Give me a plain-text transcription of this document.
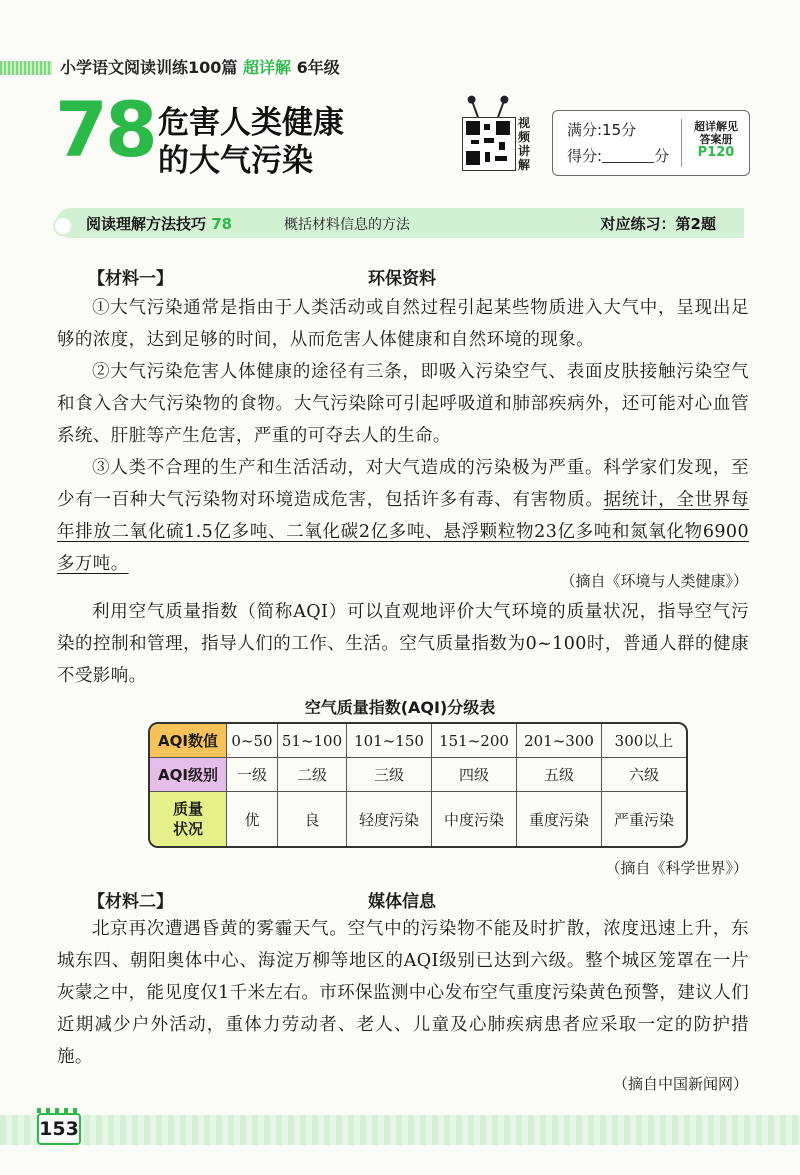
小学语文阅读训练100篇 超详解 6年级
78 危害人类健康
的大气污染
视频讲解
满分:15分
得分:	分
超详解见
答案册
P120
阅读理解方法技巧 78	概括材料信息的方法	对应练习：第2题
【材料一】	环保资料
①大气污染通常是指由于人类活动或自然过程引起某些物质进入大气中，呈现出足够的浓度，达到足够的时间，从而危害人体健康和自然环境的现象。
②大气污染危害人体健康的途径有三条，即吸入污染空气、表面皮肤接触污染空气和食入含大气污染物的食物。大气污染除可引起呼吸道和肺部疾病外，还可能对心血管系统、肝脏等产生危害，严重的可夺去人的生命。
③人类不合理的生产和生活活动，对大气造成的污染极为严重。科学家们发现，至少有一百种大气污染物对环境造成危害，包括许多有毒、有害物质。据统计，全世界每年排放二氧化硫1.5亿多吨、二氧化碳2亿多吨、悬浮颗粒物23亿多吨和氮氧化物6900多万吨。
（摘自《环境与人类健康》）
利用空气质量指数（简称AQI）可以直观地评价大气环境的质量状况，指导空气污染的控制和管理，指导人们的工作、生活。空气质量指数为0~100时，普通人群的健康不受影响。
空气质量指数(AQI)分级表
AQI数值	0~50	51~100	101~150	151~200	201~300	300以上
AQI级别	一级	二级	三级	四级	五级	六级
质量
状况	优	良	轻度污染	中度污染	重度污染	严重污染
（摘自《科学世界》）
【材料二】	媒体信息
北京再次遭遇昏黄的雾霾天气。空气中的污染物不能及时扩散，浓度迅速上升，东城东四、朝阳奥体中心、海淀万柳等地区的AQI级别已达到六级。整个城区笼罩在一片灰蒙之中，能见度仅1千米左右。市环保监测中心发布空气重度污染黄色预警，建议人们近期减少户外活动，重体力劳动者、老人、儿童及心肺疾病患者应采取一定的防护措施。
（摘自中国新闻网）
153
